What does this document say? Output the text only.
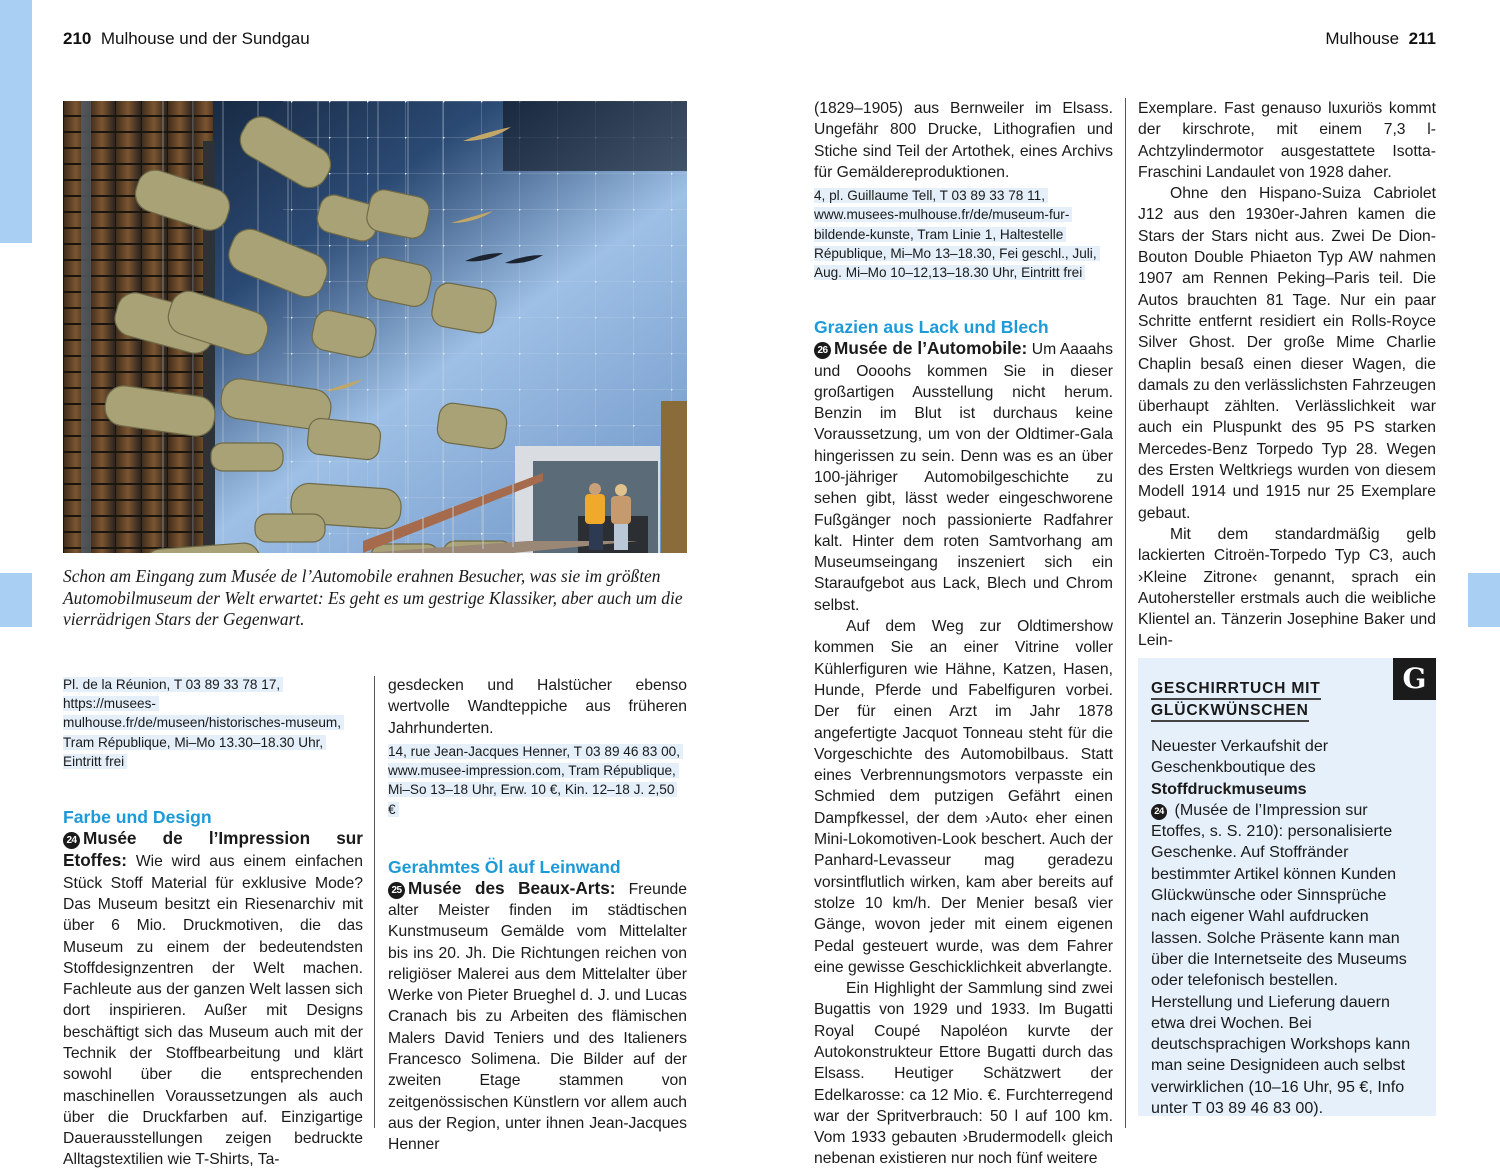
210 Mulhouse und der Sundgau	Mulhouse 211
Schon am Eingang zum Musée de l’Automobile erahnen Besucher, was sie im größten Automobilmuseum der Welt erwartet: Es geht es um gestrige Klassiker, aber auch um die vierrädrigen Stars der Gegenwart.

Pl. de la Réunion, T 03 89 33 78 17, https://musees-mulhouse.fr/de/museen/historisches-museum, Tram République, Mi–Mo 13.30–18.30 Uhr, Eintritt frei

Farbe und Design

24 Musée de l’Impression sur Etoffes: Wie wird aus einem einfachen Stück Stoff Material für exklusive Mode? Das Museum besitzt ein Riesenarchiv mit über 6 Mio. Druckmotiven, die das Museum zu einem der bedeutendsten Stoffdesignzentren der Welt machen. Fachleute aus der ganzen Welt lassen sich dort inspirieren. Außer mit Designs beschäftigt sich das Museum auch mit der Technik der Stoffbearbeitung und klärt sowohl über die entsprechenden maschinellen Voraussetzungen als auch über die Druckfarben auf. Einzigartige Dauerausstellungen zeigen bedruckte Alltagstextilien wie T-Shirts, Ta-

gesdecken und Halstücher ebenso wertvolle Wandteppiche aus früheren Jahrhunderten.

14, rue Jean-Jacques Henner, T 03 89 46 83 00, www.musee-impression.com, Tram République, Mi–So 13–18 Uhr, Erw. 10 €, Kin. 12–18 J. 2,50 €

Gerahmtes Öl auf Leinwand

25 Musée des Beaux-Arts: Freunde alter Meister finden im städtischen Kunstmuseum Gemälde vom Mittelalter bis ins 20. Jh. Die Richtungen reichen von religiöser Malerei aus dem Mittelalter über Werke von Pieter Brueghel d. J. und Lucas Cranach bis zu Arbeiten des flämischen Malers David Teniers und des Italieners Francesco Solimena. Die Bilder auf der zweiten Etage stammen von zeitgenössischen Künstlern vor allem auch aus der Region, unter ihnen Jean-Jacques Henner

(1829–1905) aus Bernweiler im Elsass. Ungefähr 800 Drucke, Lithografien und Stiche sind Teil der Artothek, eines Archivs für Gemäldereproduktionen.

4, pl. Guillaume Tell, T 03 89 33 78 11, www.musees-mulhouse.fr/de/museum-fur-bildende-kunste, Tram Linie 1, Haltestelle République, Mi–Mo 13–18.30, Fei geschl., Juli, Aug. Mi–Mo 10–12,13–18.30 Uhr, Eintritt frei

Grazien aus Lack und Blech

26 Musée de l’Automobile: Um Aaaahs und Oooohs kommen Sie in dieser großartigen Ausstellung nicht herum. Benzin im Blut ist durchaus keine Voraussetzung, um von der Oldtimer-Gala hingerissen zu sein. Denn was es an über 100-jähriger Automobilgeschichte zu sehen gibt, lässt weder eingeschworene Fußgänger noch passionierte Radfahrer kalt. Hinter dem roten Samtvorhang am Museumseingang inszeniert sich ein Staraufgebot aus Lack, Blech und Chrom selbst.

Auf dem Weg zur Oldtimershow kommen Sie an einer Vitrine voller Kühlerfiguren wie Hähne, Katzen, Hasen, Hunde, Pferde und Fabelfiguren vorbei. Der für einen Arzt im Jahr 1878 angefertigte Jacquot Tonneau steht für die Vorgeschichte des Automobilbaus. Statt eines Verbrennungsmotors verpasste ein Schmied dem putzigen Gefährt einen Dampfkessel, der dem ›Auto‹ eher einen Mini-Lokomotiven-Look beschert. Auch der Panhard-Levasseur mag geradezu vorsintflutlich wirken, kam aber bereits auf stolze 10 km/h. Der Menier besaß vier Gänge, wovon jeder mit einem eigenen Pedal gesteuert wurde, was dem Fahrer eine gewisse Geschicklichkeit abverlangte.

Ein Highlight der Sammlung sind zwei Bugattis von 1929 und 1933. Im Bugatti Royal Coupé Napoléon kurvte der Autokonstrukteur Ettore Bugatti durch das Elsass. Heutiger Schätzwert der Edelkarosse: ca 12 Mio. €. Furchterregend war der Spritverbrauch: 50 l auf 100 km. Vom 1933 gebauten ›Brudermodell‹ gleich nebenan existieren nur noch fünf weitere

Exemplare. Fast genauso luxuriös kommt der kirschrote, mit einem 7,3 l-Achtzylindermotor ausgestattete Isotta-Fraschini Landaulet von 1928 daher.

Ohne den Hispano-Suiza Cabriolet J12 aus den 1930er-Jahren kamen die Stars der Stars nicht aus. Zwei De Dion-Bouton Double Phiaeton Typ AW nahmen 1907 am Rennen Peking–Paris teil. Die Autos brauchten 81 Tage. Nur ein paar Schritte entfernt residiert ein Rolls-Royce Silver Ghost. Der große Mime Charlie Chaplin besaß einen dieser Wagen, die damals zu den verlässlichsten Fahrzeugen überhaupt zählten. Verlässlichkeit war auch ein Pluspunkt des 95 PS starken Mercedes-Benz Torpedo Typ 28. Wegen des Ersten Weltkriegs wurden von diesem Modell 1914 und 1915 nur 25 Exemplare gebaut.

Mit dem standardmäßig gelb lackierten Citroën-Torpedo Typ C3, auch ›Kleine Zitrone‹ genannt, sprach ein Autohersteller erstmals auch die weibliche Klientel an. Tänzerin Josephine Baker und Lein-

G
GESCHIRRTUCH MIT
GLÜCKWÜNSCHEN

Neuester Verkaufshit der Geschenkboutique des Stoffdruckmuseums
24 (Musée de l’Impression sur Etoffes, s. S. 210): personalisierte Geschenke. Auf Stoffränder bestimmter Artikel können Kunden Glückwünsche oder Sinnsprüche nach eigener Wahl aufdrucken lassen. Solche Präsente kann man über die Internetseite des Museums oder telefonisch bestellen. Herstellung und Lieferung dauern etwa drei Wochen. Bei deutschsprachigen Workshops kann man seine Designideen auch selbst verwirklichen (10–16 Uhr, 95 €, Info unter T 03 89 46 83 00).
